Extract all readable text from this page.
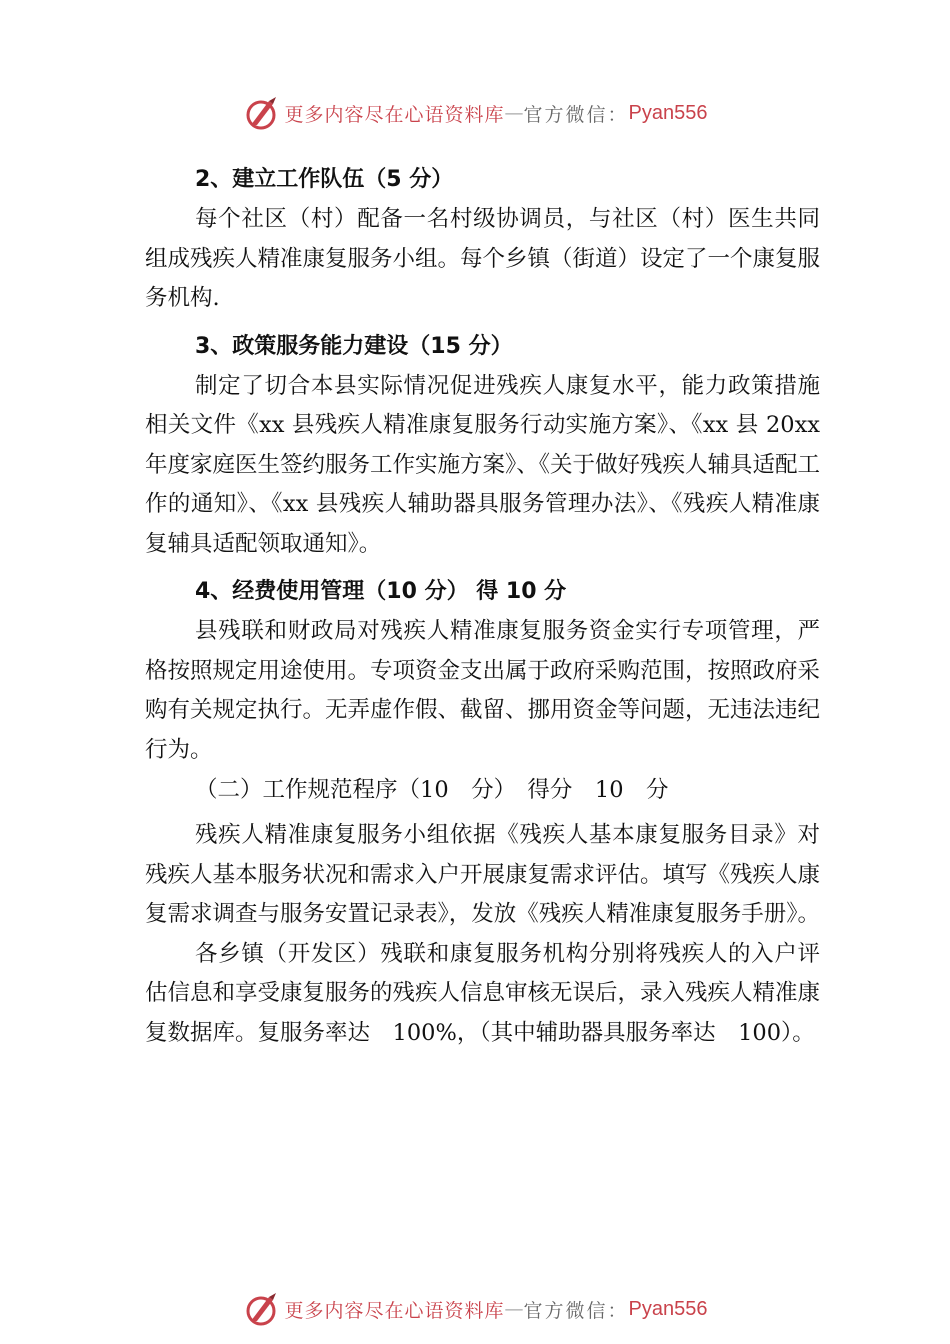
更多内容尽在心语资料库 — 官方微信： Pyan556
2、建立工作队伍（5 分）

每个社区（村）配备一名村级协调员，与社区（村）医生共同组成残疾人精准康复服务小组。每个乡镇（街道）设定了一个康复服务机构.

3、政策服务能力建设（15 分）

制定了切合本县实际情况促进残疾人康复水平，能力政策措施相关文件《xx 县残疾人精准康复服务行动实施方案》、《xx 县 20xx 年度家庭医生签约服务工作实施方案》、《关于做好残疾人辅具适配工作的通知》、《xx 县残疾人辅助器具服务管理办法》、《残疾人精准康复辅具适配领取通知》。

4、经费使用管理（10 分） 得 10 分

县残联和财政局对残疾人精准康复服务资金实行专项管理，严格按照规定用途使用。专项资金支出属于政府采购范围，按照政府采购有关规定执行。无弄虚作假、截留、挪用资金等问题，无违法违纪行为。

（二）工作规范程序（10　分）　得分　10　分

残疾人精准康复服务小组依据《残疾人基本康复服务目录》对残疾人基本服务状况和需求入户开展康复需求评估。填写《残疾人康复需求调查与服务安置记录表》，发放《残疾人精准康复服务手册》。

各乡镇（开发区）残联和康复服务机构分别将残疾人的入户评估信息和享受康复服务的残疾人信息审核无误后，录入残疾人精准康复数据库。复服务率达　100%，（其中辅助器具服务率达　100）。

更多内容尽在心语资料库 — 官方微信： Pyan556
